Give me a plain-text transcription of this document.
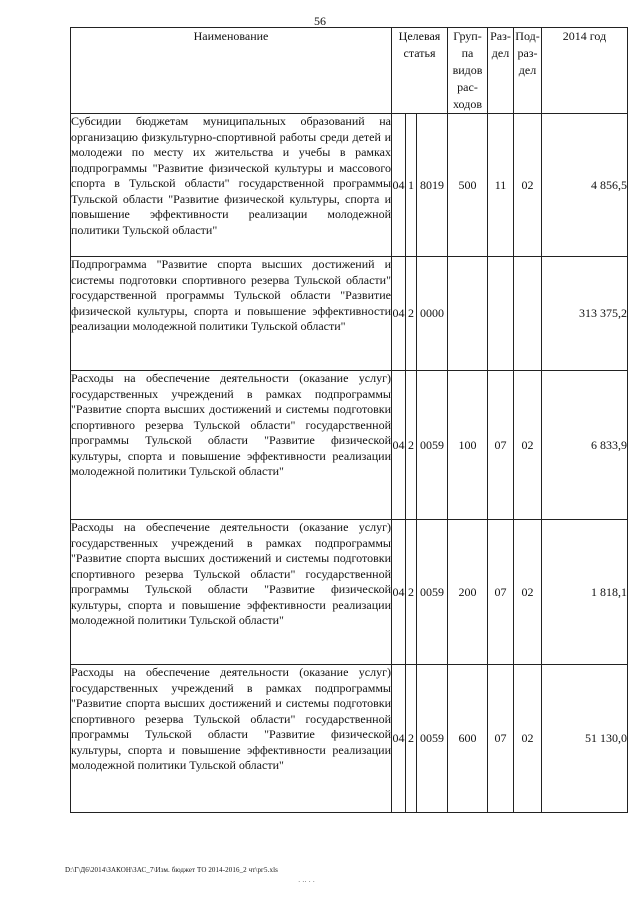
56
Наименование	Целевая статья			Груп-па видов рас-ходов	Раз-дел	Под-раз-дел	2014 год
Субсидии бюджетам муниципальных образований на организацию физкультурно-спортивной работы среди детей и молодежи по месту их жительства и учебы в рамках подпрограммы "Развитие физической культуры и массового спорта в Тульской области" государственной программы Тульской области "Развитие физической культуры, спорта и повышение эффективности реализации молодежной политики Тульской области"	04	1	8019	500	11	02	4 856,5
Подпрограмма "Развитие спорта высших достижений и системы подготовки спортивного резерва Тульской области" государственной программы Тульской области "Развитие физической культуры, спорта и повышение эффективности реализации молодежной политики Тульской области"	04	2	0000				313 375,2
Расходы на обеспечение деятельности (оказание услуг) государственных учреждений в рамках подпрограммы "Развитие спорта высших достижений и системы подготовки спортивного резерва Тульской области" государственной программы Тульской области "Развитие физической культуры, спорта и повышение эффективности реализации молодежной политики Тульской области"	04	2	0059	100	07	02	6 833,9
Расходы на обеспечение деятельности (оказание услуг) государственных учреждений в рамках подпрограммы "Развитие спорта высших достижений и системы подготовки спортивного резерва Тульской области" государственной программы Тульской области "Развитие физической культуры, спорта и повышение эффективности реализации молодежной политики Тульской области"	04	2	0059	200	07	02	1 818,1
Расходы на обеспечение деятельности (оказание услуг) государственных учреждений в рамках подпрограммы "Развитие спорта высших достижений и системы подготовки спортивного резерва Тульской области" государственной программы Тульской области "Развитие физической культуры, спорта и повышение эффективности реализации молодежной политики Тульской области"	04	2	0059	600	07	02	51 130,0
D:\Г\Д6\2014\ЗАКОН\ЗАС_7\Изм. бюджет ТО 2014-2016_2 чт\рг5.xls
· ·· · ·
